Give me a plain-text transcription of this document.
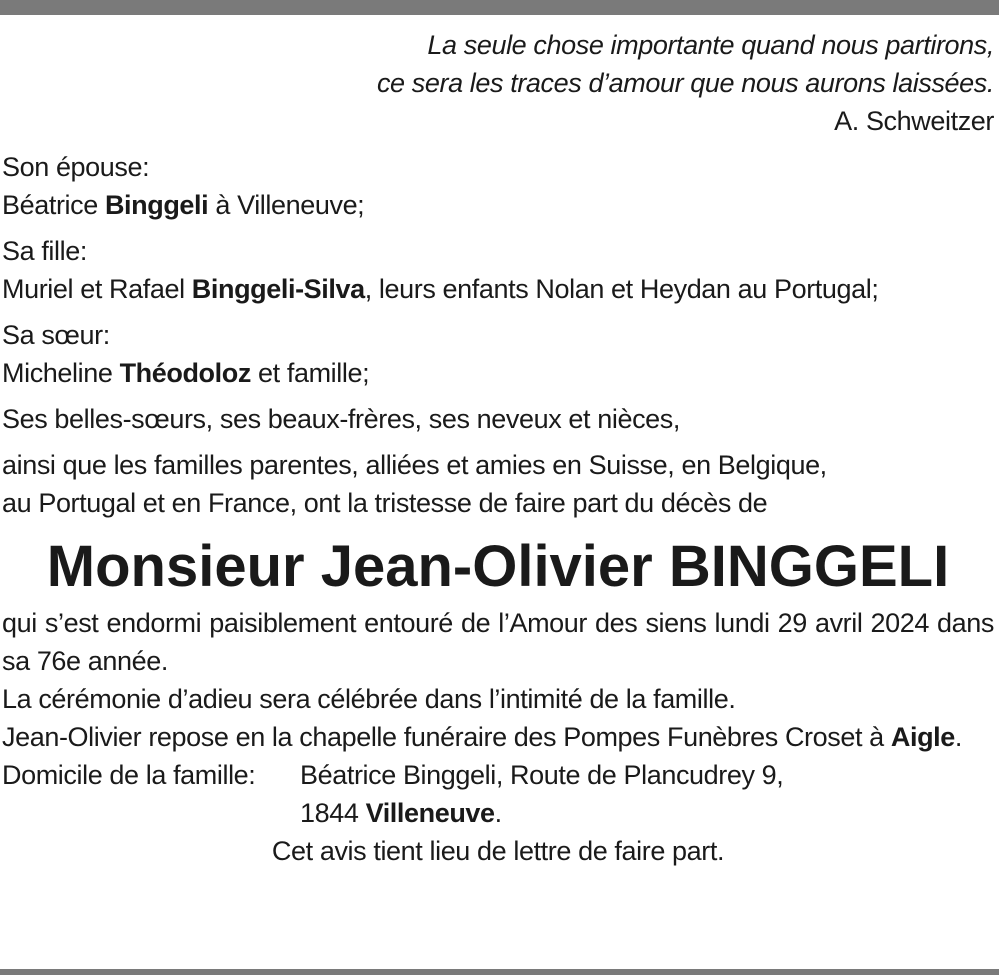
La seule chose importante quand nous partirons,

ce sera les traces d’amour que nous aurons laissées.

A. Schweitzer

Son épouse:

Béatrice Binggeli à Villeneuve;

Sa fille:

Muriel et Rafael Binggeli-Silva, leurs enfants Nolan et Heydan au Portugal;

Sa sœur:

Micheline Théodoloz et famille;

Ses belles-sœurs, ses beaux-frères, ses neveux et nièces,

ainsi que les familles parentes, alliées et amies en Suisse, en Belgique,

au Portugal et en France, ont la tristesse de faire part du décès de

Monsieur Jean-Olivier BINGGELI

qui s’est endormi paisiblement entouré de l’Amour des siens lundi 29 avril 2024 dans sa 76e année.

La cérémonie d’adieu sera célébrée dans l’intimité de la famille.

Jean-Olivier repose en la chapelle funéraire des Pompes Funèbres Croset à Aigle.

Domicile de la famille:	Béatrice Binggeli, Route de Plancudrey 9,

1844 Villeneuve.

Cet avis tient lieu de lettre de faire part.
